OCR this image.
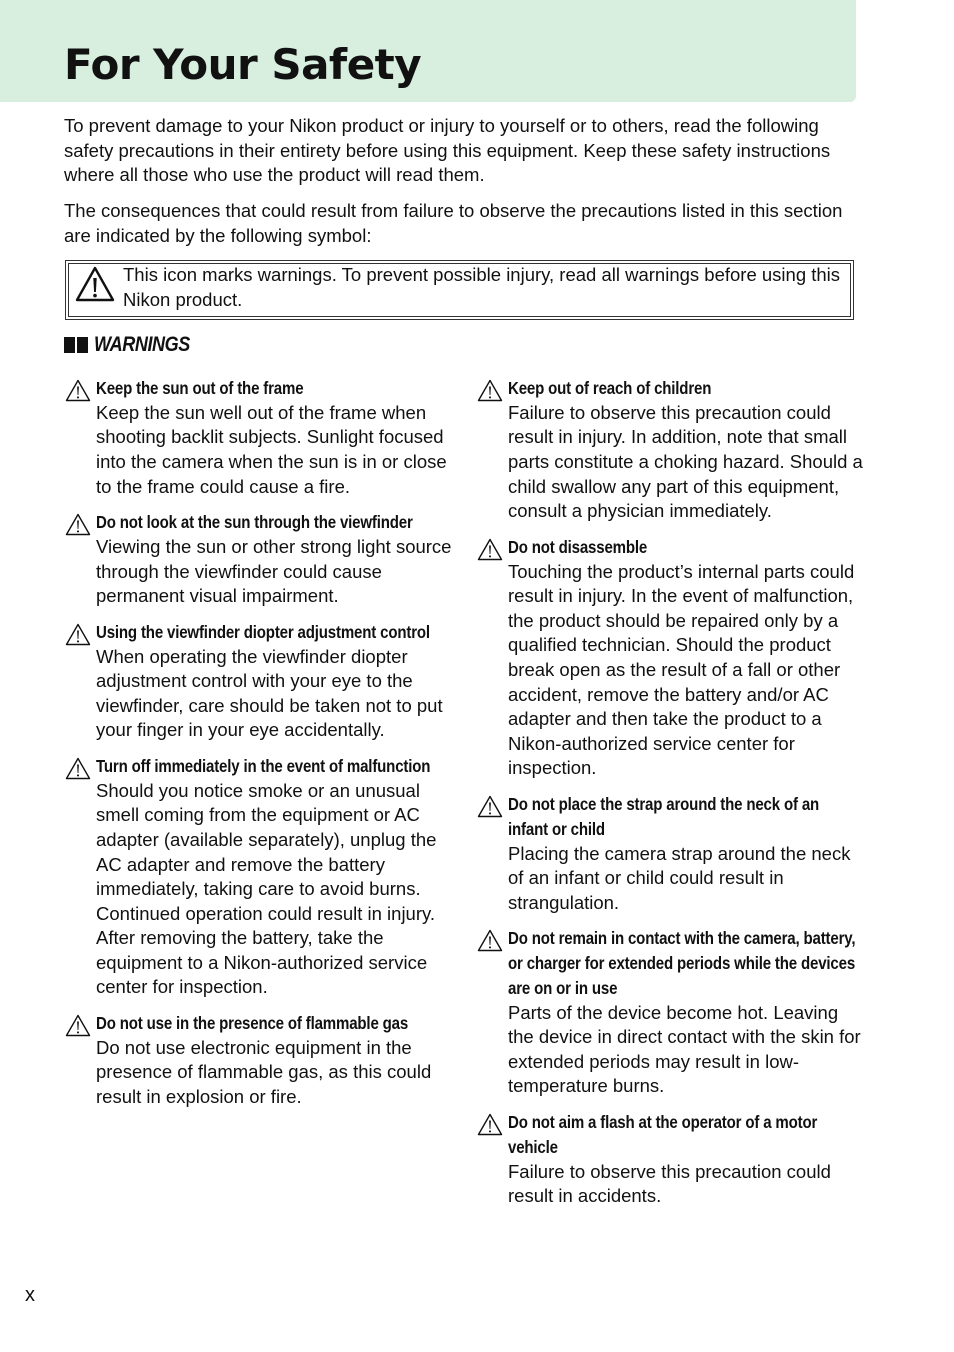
For Your Safety

To prevent damage to your Nikon product or injury to yourself or to others, read the following safety precautions in their entirety before using this equipment. Keep these safety instructions where all those who use the product will read them.

The consequences that could result from failure to observe the precautions listed in this section are indicated by the following symbol:

This icon marks warnings. To prevent possible injury, read all warnings before using this Nikon product.

WARNINGS

Keep the sun out of the frame

Keep the sun well out of the frame when shooting backlit subjects. Sunlight focused into the camera when the sun is in or close to the frame could cause a fire.

Do not look at the sun through the viewfinder

Viewing the sun or other strong light source through the viewfinder could cause permanent visual impairment.

Using the viewfinder diopter adjustment control

When operating the viewfinder diopter adjustment control with your eye to the viewfinder, care should be taken not to put your finger in your eye accidentally.

Turn off immediately in the event of malfunction

Should you notice smoke or an unusual smell coming from the equipment or AC adapter (available separately), unplug the AC adapter and remove the battery immediately, taking care to avoid burns. Continued operation could result in injury. After removing the battery, take the equipment to a Nikon-authorized service center for inspection.

Do not use in the presence of flammable gas

Do not use electronic equipment in the presence of flammable gas, as this could result in explosion or fire.

Keep out of reach of children

Failure to observe this precaution could result in injury. In addition, note that small parts constitute a choking hazard. Should a child swallow any part of this equipment, consult a physician immediately.

Do not disassemble

Touching the product’s internal parts could result in injury. In the event of malfunction, the product should be repaired only by a qualified technician. Should the product break open as the result of a fall or other accident, remove the battery and/or AC adapter and then take the product to a Nikon-authorized service center for inspection.

Do not place the strap around the neck of an infant or child

Placing the camera strap around the neck of an infant or child could result in strangulation.

Do not remain in contact with the camera, battery, or charger for extended periods while the devices are on or in use

Parts of the device become hot. Leaving the device in direct contact with the skin for extended periods may result in low-temperature burns.

Do not aim a flash at the operator of a motor vehicle

Failure to observe this precaution could result in accidents.

x
